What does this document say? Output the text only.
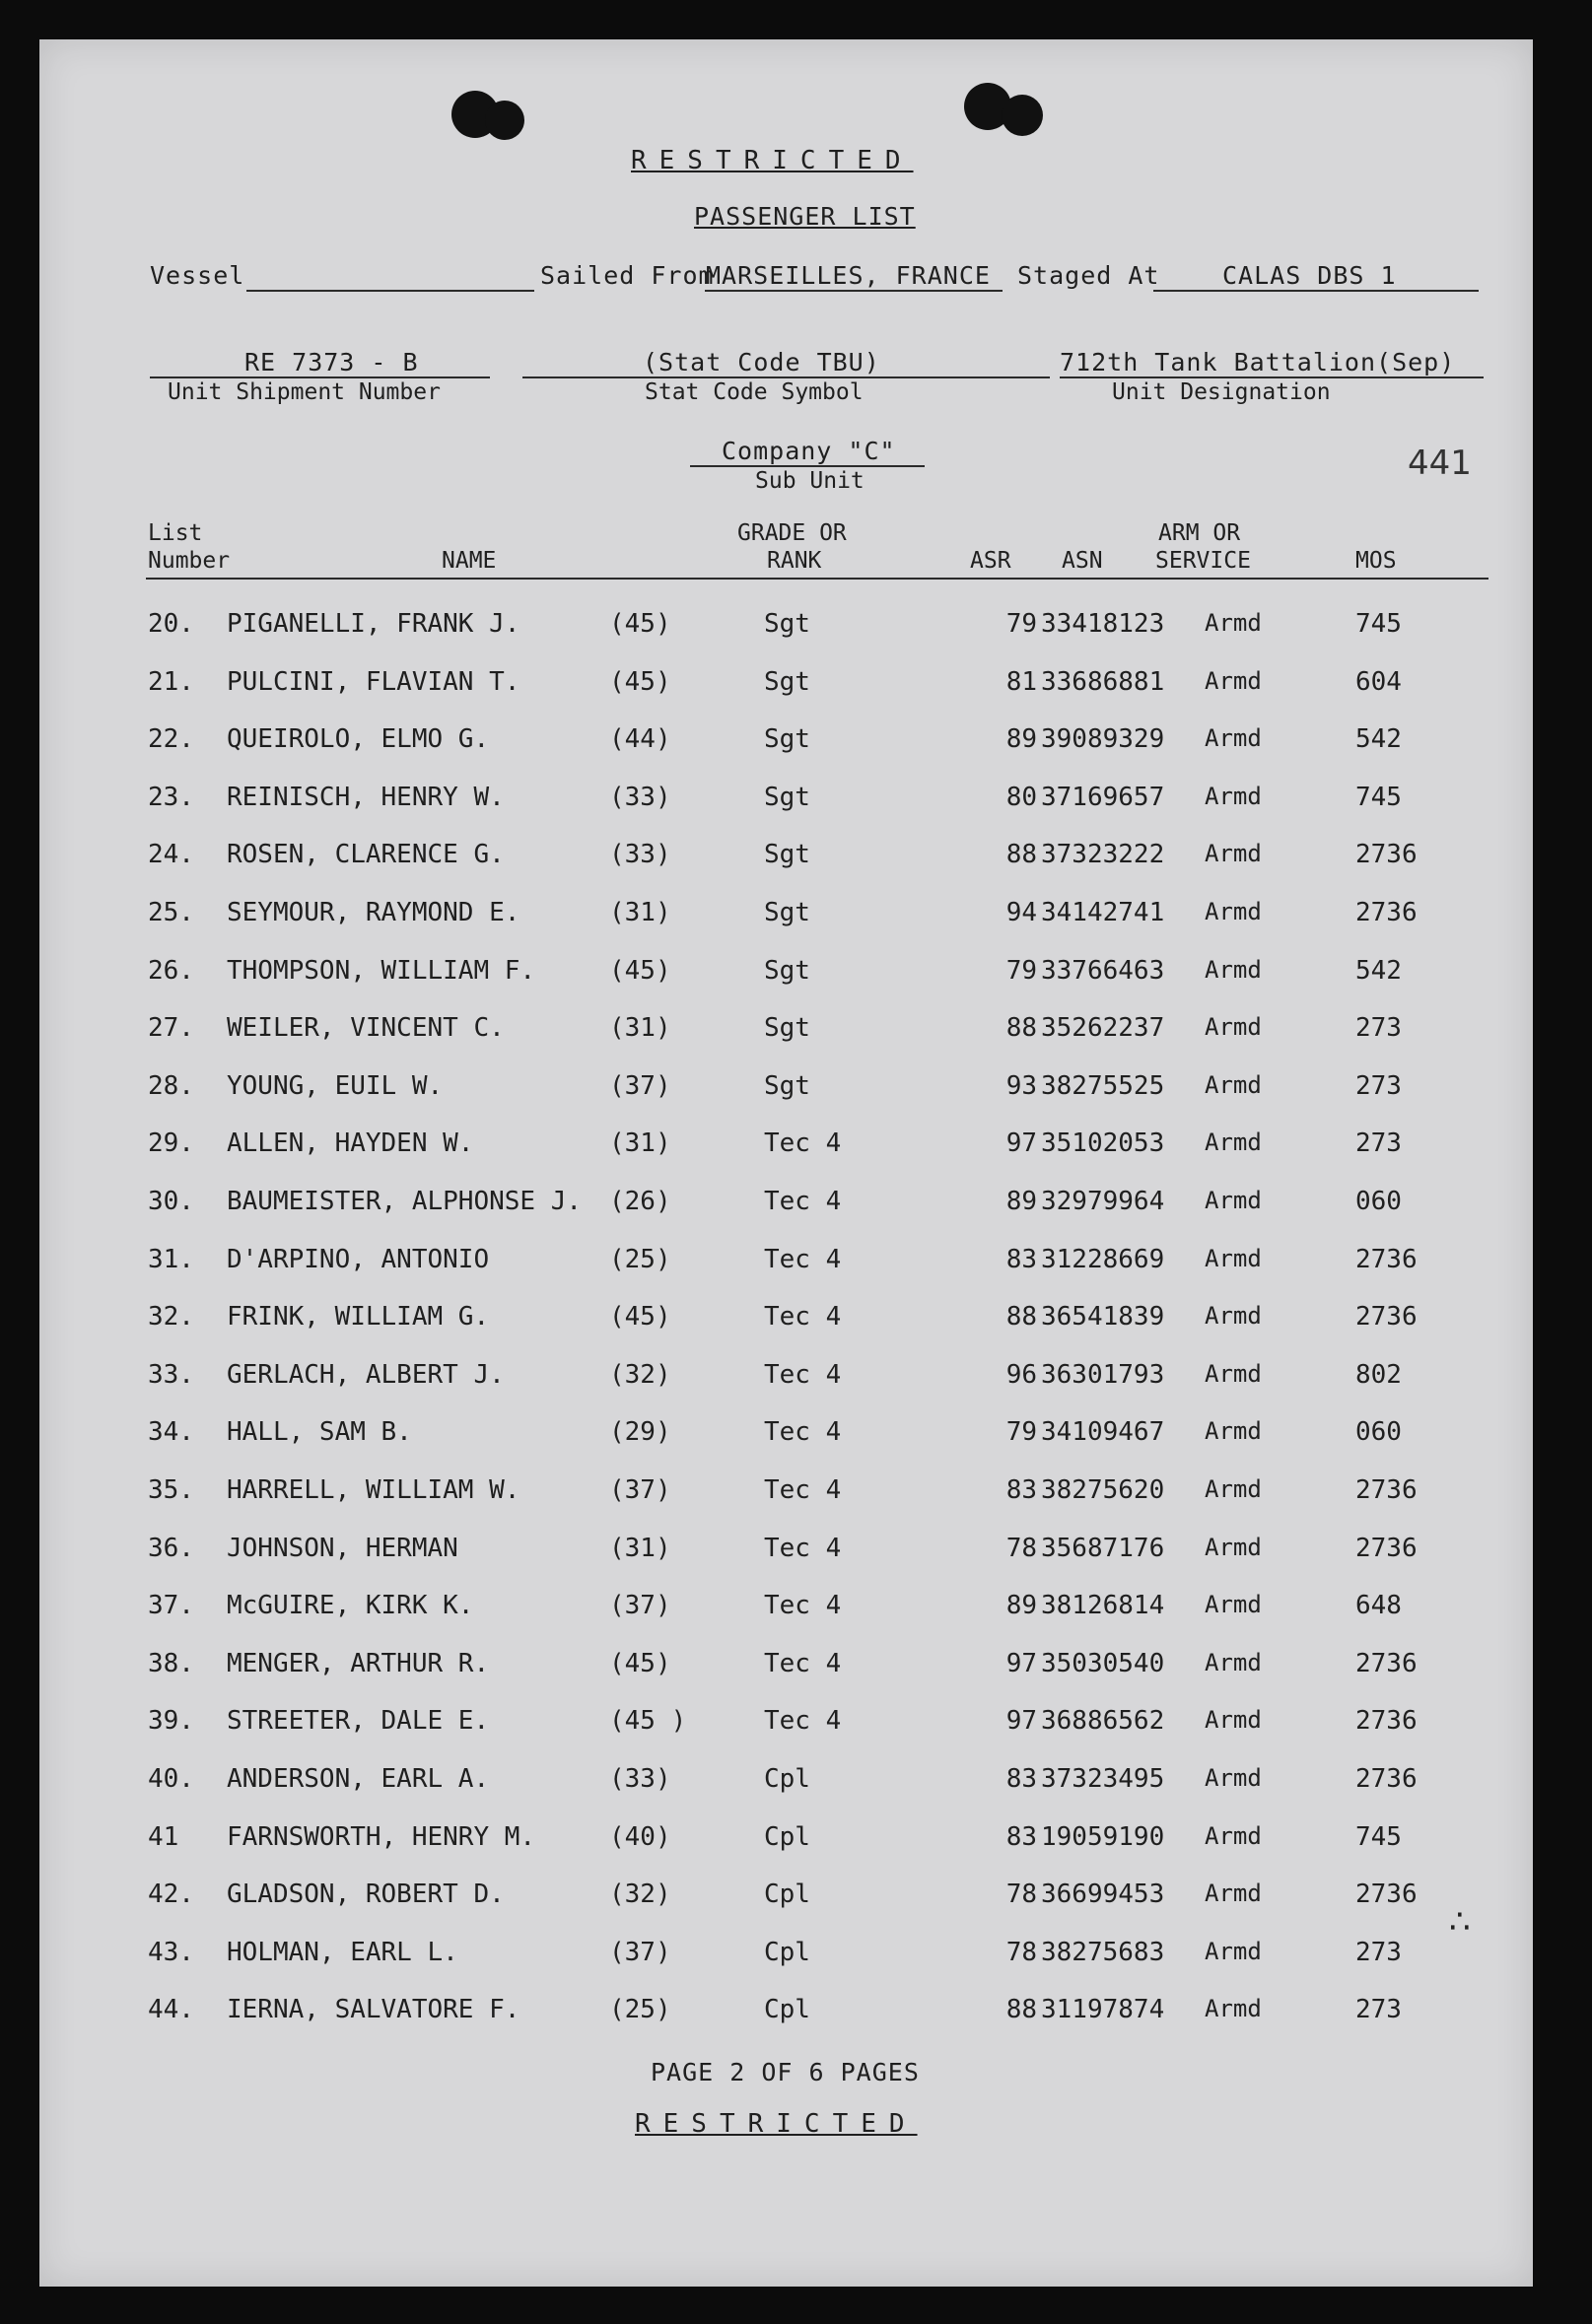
RESTRICTED
PASSENGER LIST
Vessel	Sailed From
MARSEILLES, FRANCE Staged At	CALAS DBS 1
RE 7373 - B
Unit Shipment Number
(Stat Code TBU)
Stat Code Symbol
712th Tank Battalion(Sep)
Unit Designation
Company "C"
Sub Unit	441
List
Number	NAME
GRADE OR
RANK	ASR ASN
ARM OR
SERVICE	MOS
20. PIGANELLI, FRANK J.	(45)	Sgt	79 33418123 Armd	745
21. PULCINI, FLAVIAN T.	(45)	Sgt	81 33686881 Armd	604
22. QUEIROLO, ELMO G.	(44)	Sgt	89 39089329 Armd	542
23. REINISCH, HENRY W.	(33)	Sgt	80 37169657 Armd	745
24. ROSEN, CLARENCE G.	(33)	Sgt	88 37323222 Armd	2736
25. SEYMOUR, RAYMOND E.	(31)	Sgt	94 34142741 Armd	2736
26. THOMPSON, WILLIAM F.	(45)	Sgt	79 33766463 Armd	542
27. WEILER, VINCENT C.	(31)	Sgt	88 35262237 Armd	273
28. YOUNG, EUIL W.	(37)	Sgt	93 38275525 Armd	273
29. ALLEN, HAYDEN W.	(31)	Tec 4	97 35102053 Armd	273
30. BAUMEISTER, ALPHONSE J. (26)	Tec 4	89 32979964 Armd	060
31. D'ARPINO, ANTONIO	(25)	Tec 4	83 31228669 Armd	2736
32. FRINK, WILLIAM G.	(45)	Tec 4	88 36541839 Armd	2736
33. GERLACH, ALBERT J.	(32)	Tec 4	96 36301793 Armd	802
34. HALL, SAM B.	(29)	Tec 4	79 34109467 Armd	060
35. HARRELL, WILLIAM W.	(37)	Tec 4	83 38275620 Armd	2736
36. JOHNSON, HERMAN	(31)	Tec 4	78 35687176 Armd	2736
37. McGUIRE, KIRK K.	(37)	Tec 4	89 38126814 Armd	648
38. MENGER, ARTHUR R.	(45)	Tec 4	97 35030540 Armd	2736
39. STREETER, DALE E.	(45 )	Tec 4	97 36886562 Armd	2736
40. ANDERSON, EARL A.	(33)	Cpl	83 37323495 Armd	2736
41 FARNSWORTH, HENRY M.	(40)	Cpl	83 19059190 Armd	745
42. GLADSON, ROBERT D.	(32)	Cpl	78 36699453 Armd	2736
43. HOLMAN, EARL L.	(37)	Cpl	78 38275683 Armd	273
44. IERNA, SALVATORE F.	(25)	Cpl	88 31197874 Armd	273
PAGE 2 OF 6 PAGES
RESTRICTED
∴
